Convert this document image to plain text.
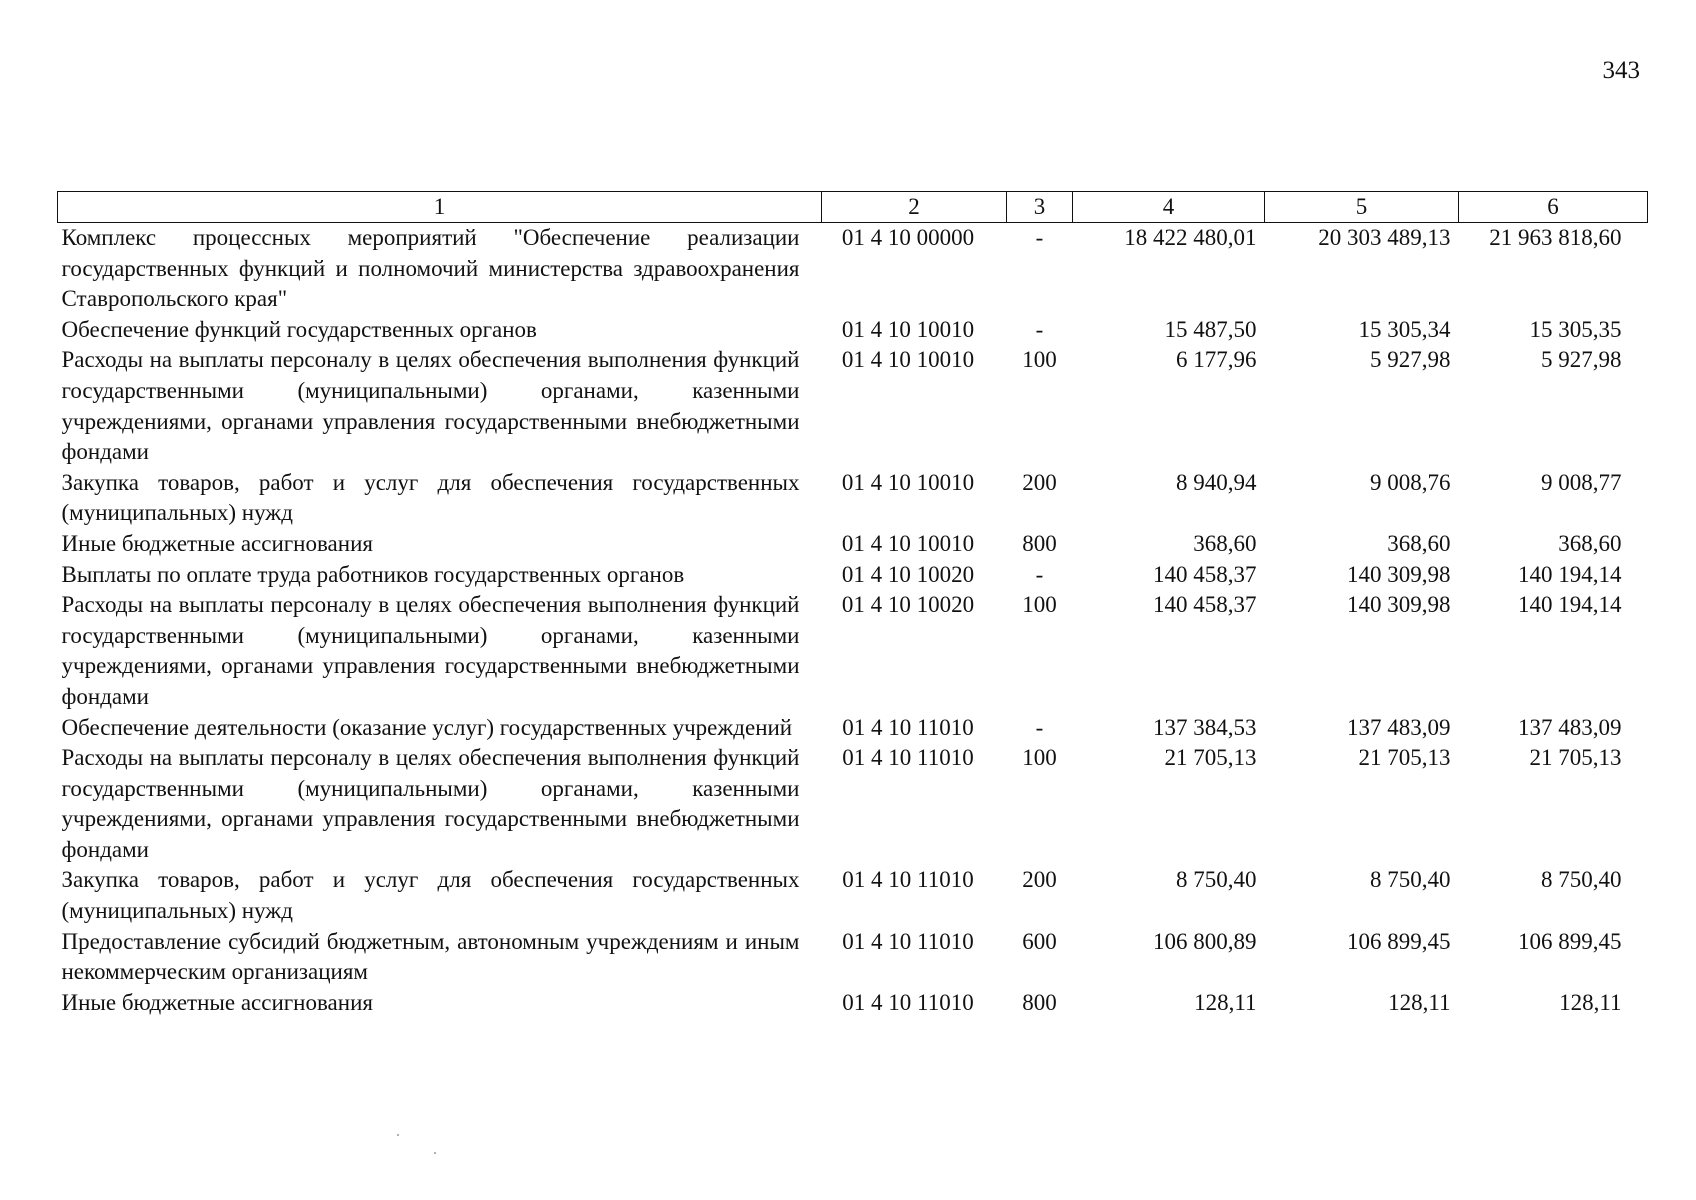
343
1	2	3	4	5	6
Комплекс процессных мероприятий "Обеспечение реализации государственных функций и полномочий министерства здравоохранения Ставропольского края"	01 4 10 00000	-	18 422 480,01	20 303 489,13	21 963 818,60
Обеспечение функций государственных органов	01 4 10 10010	-	15 487,50	15 305,34	15 305,35
Расходы на выплаты персоналу в целях обеспечения выполнения функций государственными (муниципальными) органами, казенными учреждениями, органами управления государственными внебюджетными фондами	01 4 10 10010	100	6 177,96	5 927,98	5 927,98
Закупка товаров, работ и услуг для обеспечения государственных (муниципальных) нужд	01 4 10 10010	200	8 940,94	9 008,76	9 008,77
Иные бюджетные ассигнования	01 4 10 10010	800	368,60	368,60	368,60
Выплаты по оплате труда работников государственных органов	01 4 10 10020	-	140 458,37	140 309,98	140 194,14
Расходы на выплаты персоналу в целях обеспечения выполнения функций государственными (муниципальными) органами, казенными учреждениями, органами управления государственными внебюджетными фондами	01 4 10 10020	100	140 458,37	140 309,98	140 194,14
Обеспечение деятельности (оказание услуг) государственных учреждений	01 4 10 11010	-	137 384,53	137 483,09	137 483,09
Расходы на выплаты персоналу в целях обеспечения выполнения функций государственными (муниципальными) органами, казенными учреждениями, органами управления государственными внебюджетными фондами	01 4 10 11010	100	21 705,13	21 705,13	21 705,13
Закупка товаров, работ и услуг для обеспечения государственных (муниципальных) нужд	01 4 10 11010	200	8 750,40	8 750,40	8 750,40
Предоставление субсидий бюджетным, автономным учреждениям и иным некоммерческим организациям	01 4 10 11010	600	106 800,89	106 899,45	106 899,45
Иные бюджетные ассигнования	01 4 10 11010	800	128,11	128,11	128,11
